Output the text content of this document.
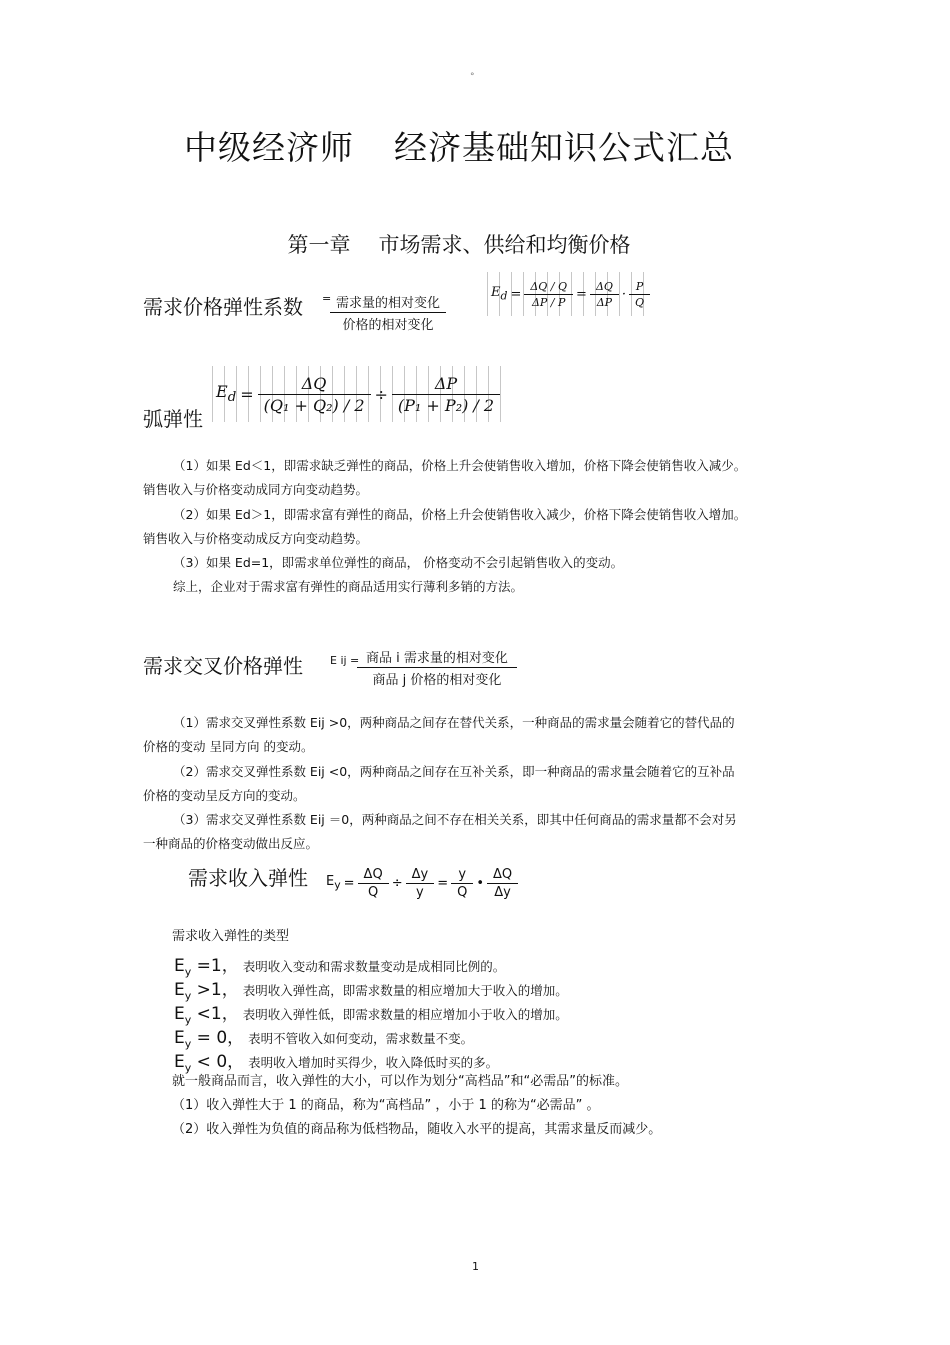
°
中级经济师 经济基础知识公式汇总
第一章 市场需求、供给和均衡价格
需求价格弹性系数 =
$\frac{\text{需求量的相对变化}}{\text{价格的相对变化}}$	$E_d = \frac{\Delta Q / Q}{\Delta P / P} = \frac{\Delta Q}{\Delta P} \cdot \frac{P}{Q}$
弧弹性
$E_d = \frac{\Delta Q}{\text{(Q₁ + Q₂) / 2}} \div \frac{\Delta P}{\text{(P₁ + P₂) / 2}}$
（1）如果 Ed＜1，即需求缺乏弹性的商品，价格上升会使销售收入增加，价格下降会使销售收入减少。
销售收入与价格变动成同方向变动趋势。
（2）如果 Ed＞1，即需求富有弹性的商品，价格上升会使销售收入减少，价格下降会使销售收入增加。
销售收入与价格变动成反方向变动趋势。
（3）如果 Ed=1，即需求单位弹性的商品， 价格变动不会引起销售收入的变动。
综上，企业对于需求富有弹性的商品适用实行薄利多销的方法。
需求交叉价格弹性 E ij =
$\frac{\text{商品 i 需求量的相对变化}}{\text{商品 j 价格的相对变化}}$
（1）需求交叉弹性系数 Eij >0，两种商品之间存在替代关系，一种商品的需求量会随着它的替代品的
价格的变动 呈同方向 的变动。
（2）需求交叉弹性系数 Eij <0，两种商品之间存在互补关系，即一种商品的需求量会随着它的互补品
价格的变动呈反方向的变动。
（3）需求交叉弹性系数 Eij ＝0，两种商品之间不存在相关关系，即其中任何商品的需求量都不会对另
一种商品的价格变动做出反应。
需求收入弹性 $E_y = \frac{\Delta Q}{Q} \div \frac{\Delta y}{y} = \frac{y}{Q}$ • $\frac{\Delta Q}{\Delta y}$
需求收入弹性的类型
$E_y =1$， 表明收入变动和需求数量变动是成相同比例的。
$E_y >1$， 表明收入弹性高，即需求数量的相应增加大于收入的增加。
$E_y <1$， 表明收入弹性低，即需求数量的相应增加小于收入的增加。
$E_y = 0$， 表明不管收入如何变动，需求数量不变。
$E_y < 0$， 表明收入增加时买得少，收入降低时买的多。
就一般商品而言，收入弹性的大小，可以作为划分“高档品”和“必需品”的标准。
（1）收入弹性大于 1 的商品，称为“高档品” ，小于 1 的称为“必需品” 。
（2）收入弹性为负值的商品称为低档物品，随收入水平的提高，其需求量反而减少。
1
